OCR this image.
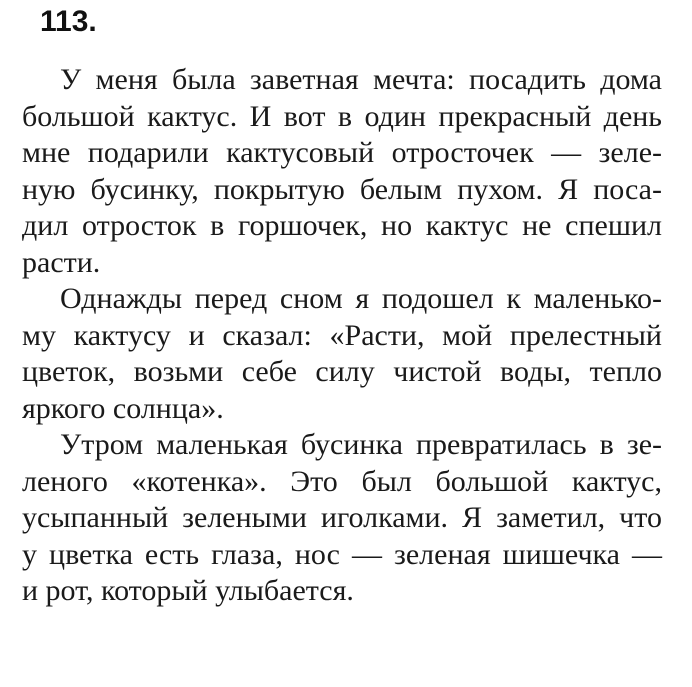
113.
У меня была заветная мечта: посадить дома
большой кактус. И вот в один прекрасный день
мне подарили кактусовый отросточек — зеле-
ную бусинку, покрытую белым пухом. Я поса-
дил отросток в горшочек, но кактус не спешил
расти.
Однажды перед сном я подошел к маленько-
му кактусу и сказал: «Расти, мой прелестный
цветок, возьми себе силу чистой воды, тепло
яркого солнца».
Утром маленькая бусинка превратилась в зе-
леного «котенка». Это был большой кактус,
усыпанный зелеными иголками. Я заметил, что
у цветка есть глаза, нос — зеленая шишечка —
и рот, который улыбается.
